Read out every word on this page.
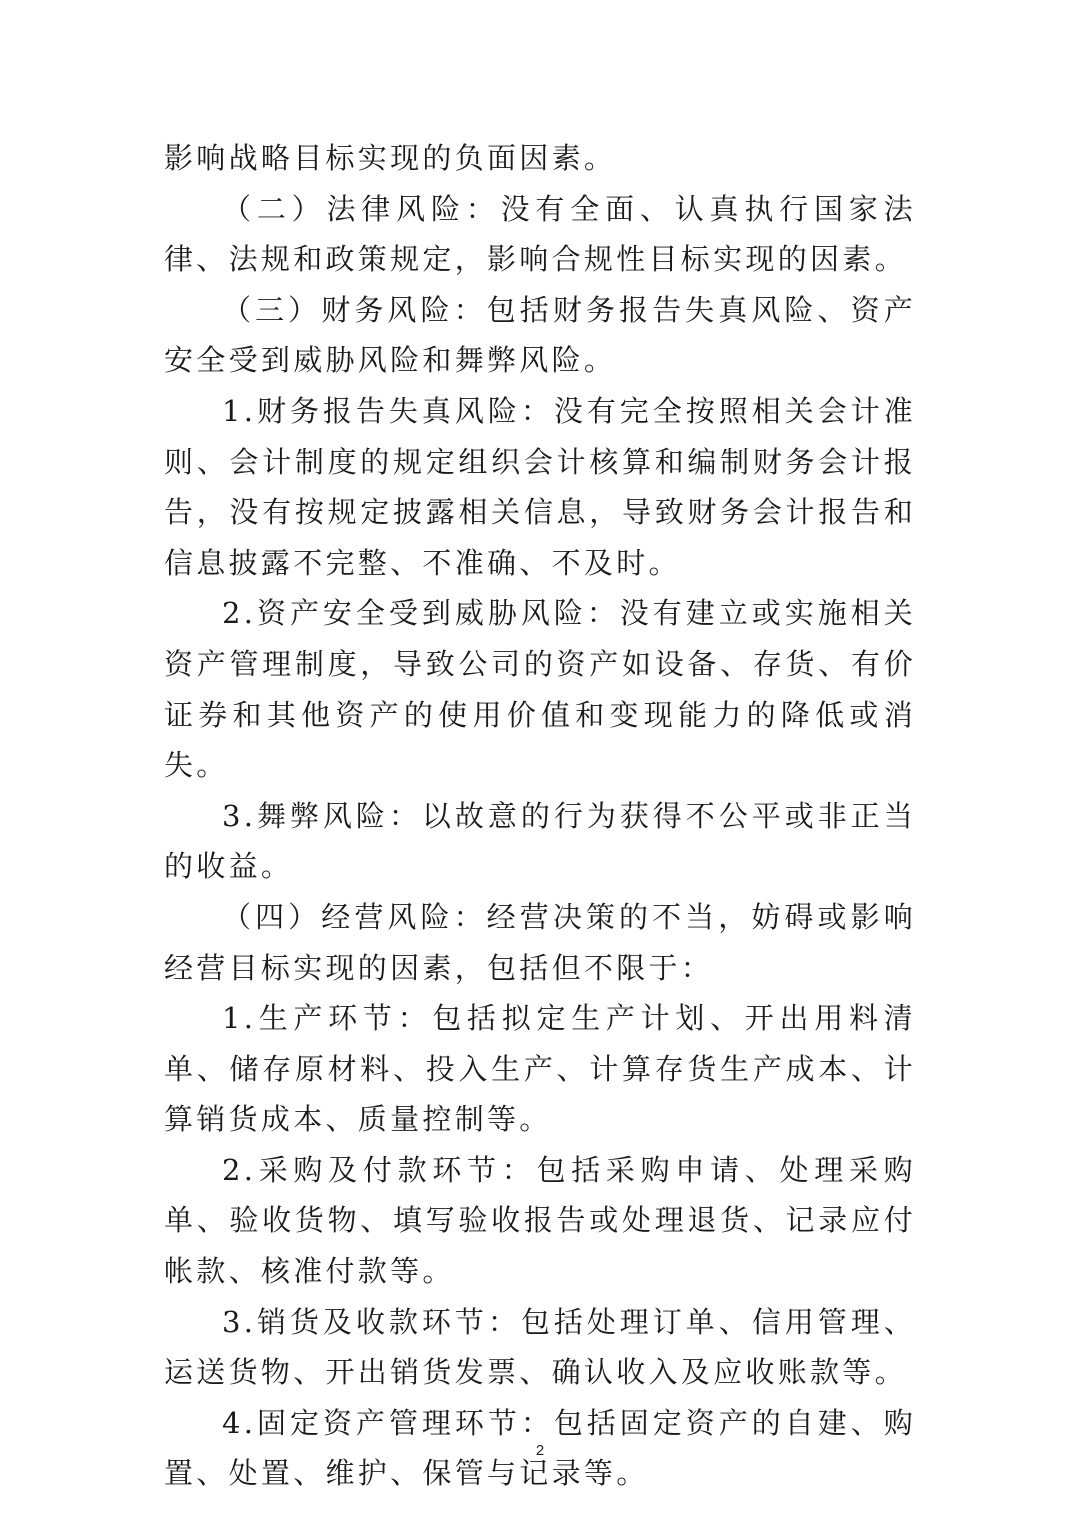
影响战略目标实现的负面因素。

（二）法律风险：没有全面、认真执行国家法律、法规和政策规定，影响合规性目标实现的因素。

（三）财务风险：包括财务报告失真风险、资产安全受到威胁风险和舞弊风险。

1.财务报告失真风险：没有完全按照相关会计准则、会计制度的规定组织会计核算和编制财务会计报告，没有按规定披露相关信息，导致财务会计报告和信息披露不完整、不准确、不及时。

2.资产安全受到威胁风险：没有建立或实施相关资产管理制度，导致公司的资产如设备、存货、有价证券和其他资产的使用价值和变现能力的降低或消失。

3.舞弊风险：以故意的行为获得不公平或非正当的收益。

（四）经营风险：经营决策的不当，妨碍或影响经营目标实现的因素，包括但不限于：

1.生产环节：包括拟定生产计划、开出用料清单、储存原材料、投入生产、计算存货生产成本、计算销货成本、质量控制等。

2.采购及付款环节：包括采购申请、处理采购单、验收货物、填写验收报告或处理退货、记录应付帐款、核准付款等。

3.销货及收款环节：包括处理订单、信用管理、运送货物、开出销货发票、确认收入及应收账款等。

4.固定资产管理环节：包括固定资产的自建、购置、处置、维护、保管与记录等。

2
